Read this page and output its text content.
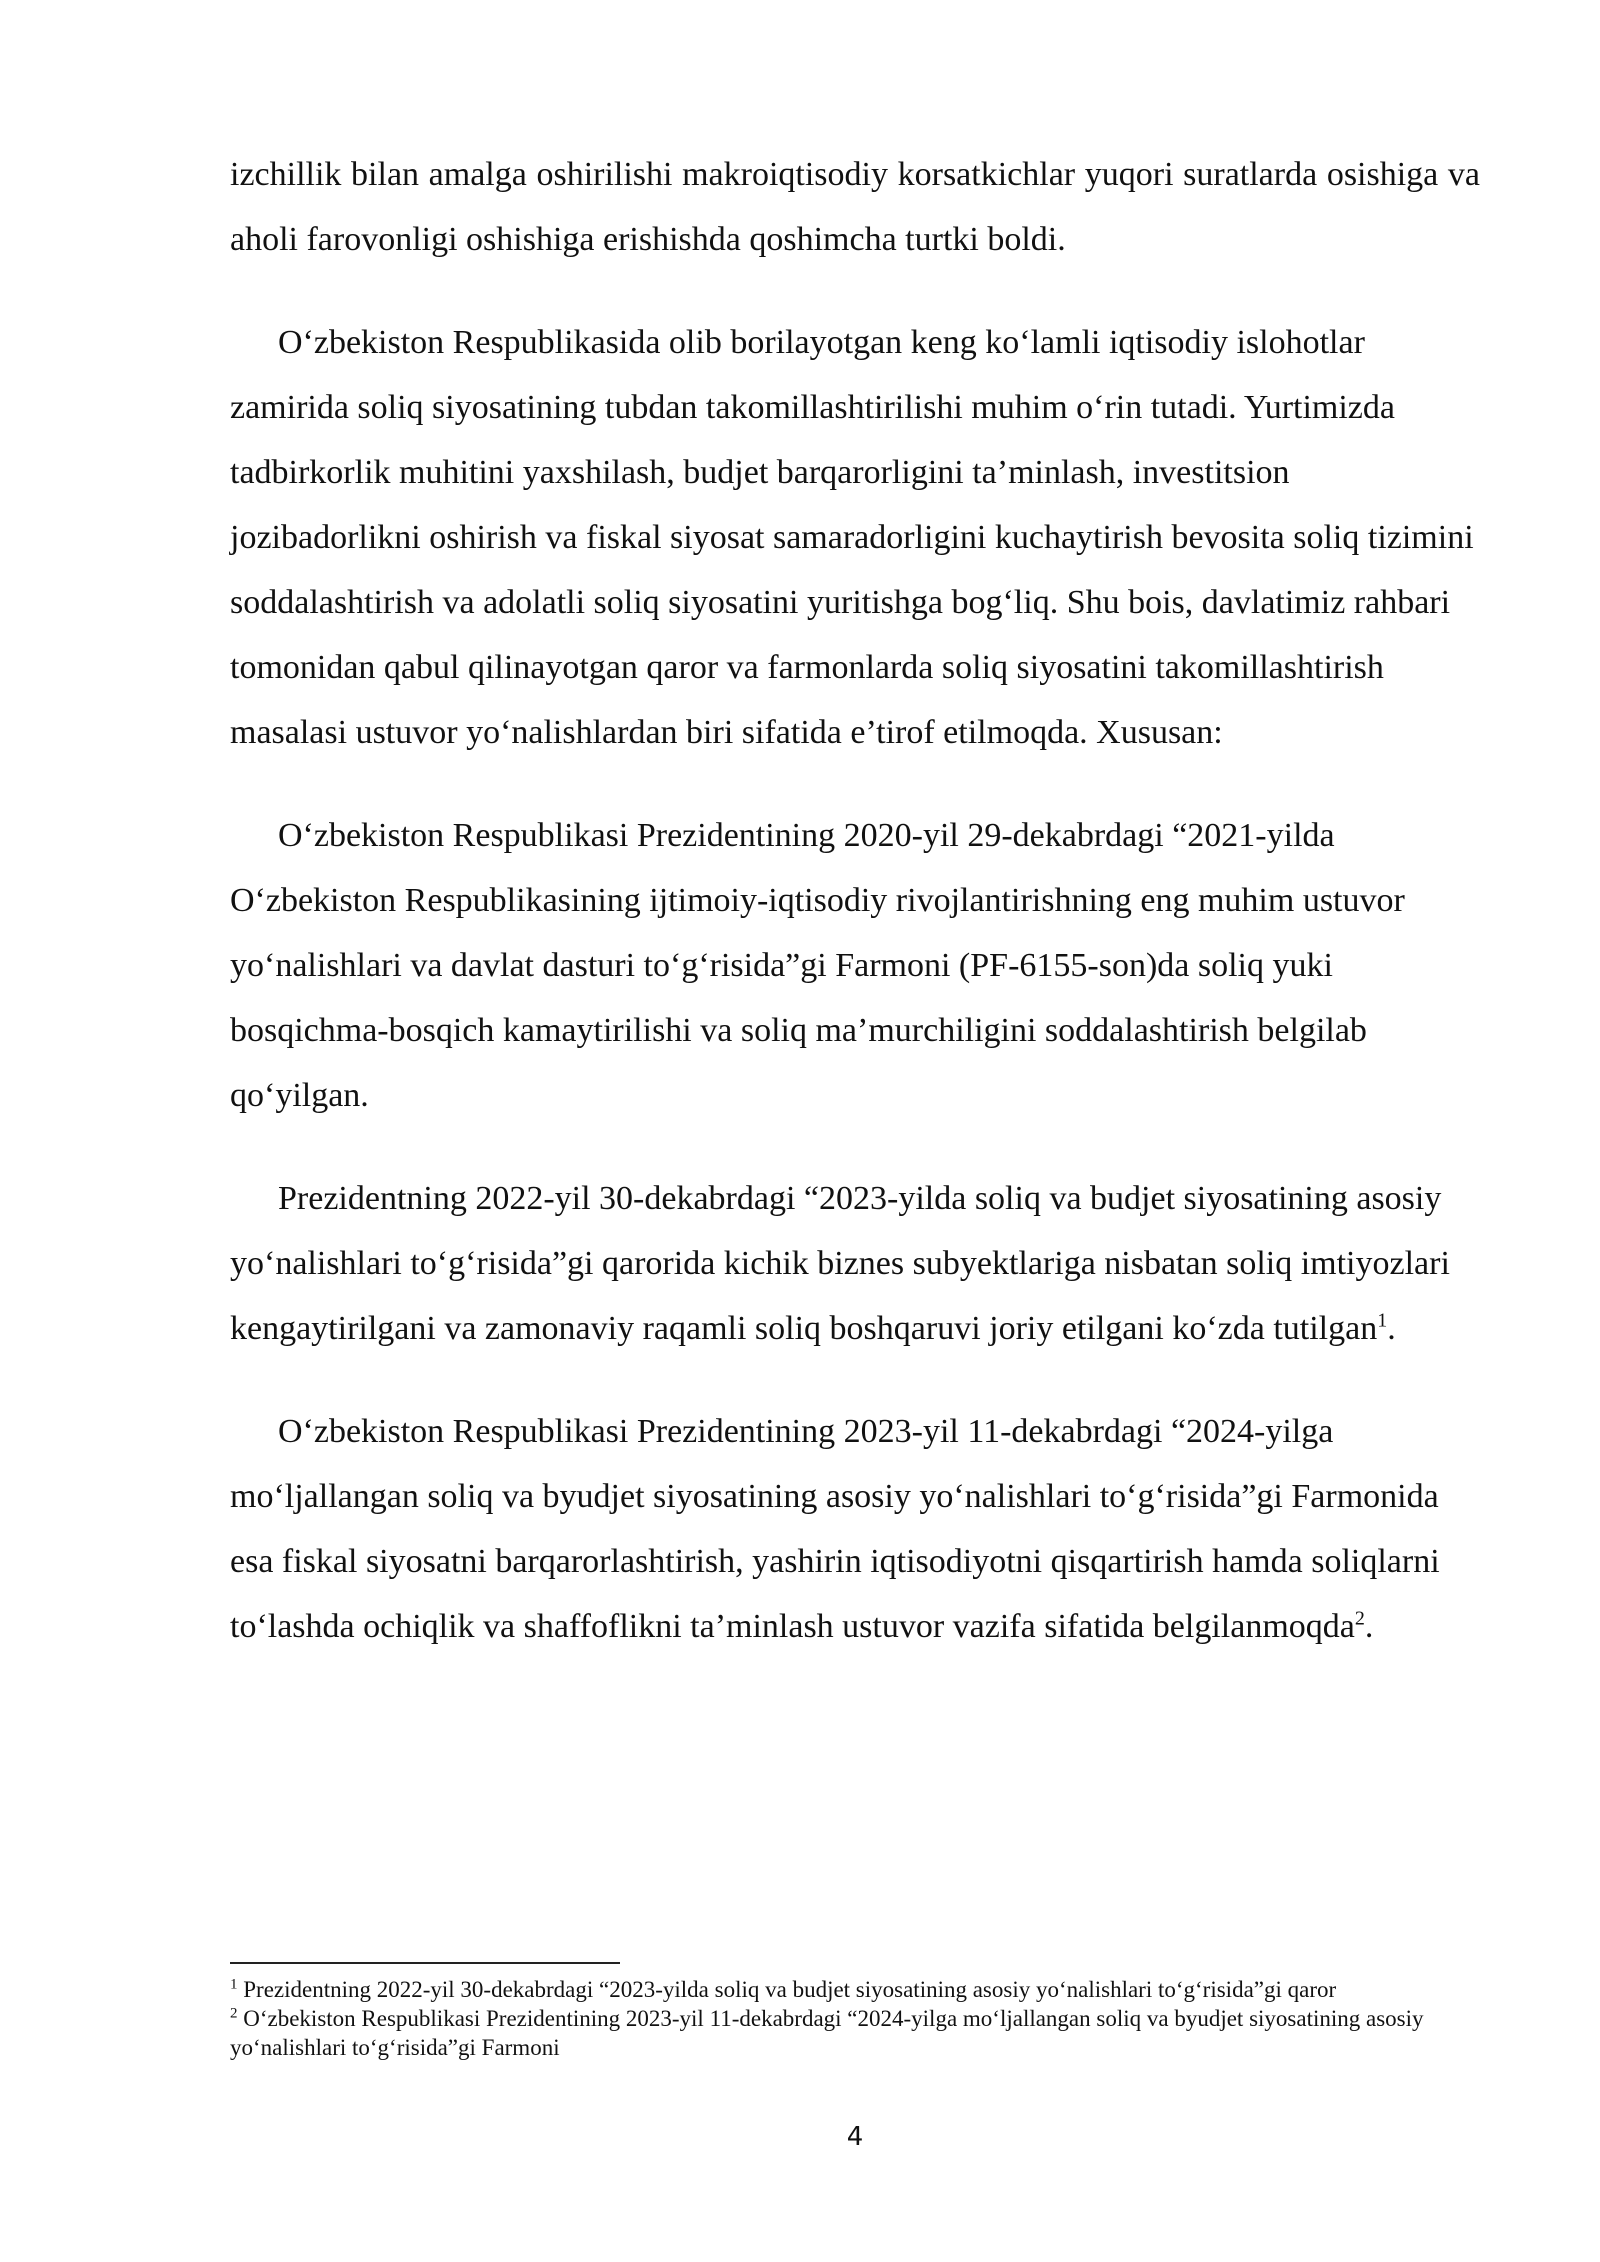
izchillik bilan amalga oshirilishi makroiqtisodiy korsatkichlar yuqori suratlarda osishiga va aholi farovonligi oshishiga erishishda qoshimcha turtki boldi.

O‘zbekiston Respublikasida olib borilayotgan keng ko‘lamli iqtisodiy islohotlar zamirida soliq siyosatining tubdan takomillashtirilishi muhim o‘rin tutadi. Yurtimizda tadbirkorlik muhitini yaxshilash, budjet barqarorligini ta’minlash, investitsion jozibadorlikni oshirish va fiskal siyosat samaradorligini kuchaytirish bevosita soliq tizimini soddalashtirish va adolatli soliq siyosatini yuritishga bog‘liq. Shu bois, davlatimiz rahbari tomonidan qabul qilinayotgan qaror va farmonlarda soliq siyosatini takomillashtirish masalasi ustuvor yo‘nalishlardan biri sifatida e’tirof etilmoqda. Xususan:

O‘zbekiston Respublikasi Prezidentining 2020-yil 29-dekabrdagi “2021-yilda O‘zbekiston Respublikasining ijtimoiy-iqtisodiy rivojlantirishning eng muhim ustuvor yo‘nalishlari va davlat dasturi to‘g‘risida”gi Farmoni (PF-6155-son)da soliq yuki bosqichma-bosqich kamaytirilishi va soliq ma’murchiligini soddalashtirish belgilab qo‘yilgan.

Prezidentning 2022-yil 30-dekabrdagi “2023-yilda soliq va budjet siyosatining asosiy yo‘nalishlari to‘g‘risida”gi qarorida kichik biznes subyektlariga nisbatan soliq imtiyozlari kengaytirilgani va zamonaviy raqamli soliq boshqaruvi joriy etilgani ko‘zda tutilgan$^1$.

O‘zbekiston Respublikasi Prezidentining 2023-yil 11-dekabrdagi “2024-yilga mo‘ljallangan soliq va byudjet siyosatining asosiy yo‘nalishlari to‘g‘risida”gi Farmonida esa fiskal siyosatni barqarorlashtirish, yashirin iqtisodiyotni qisqartirish hamda soliqlarni to‘lashda ochiqlik va shaffoflikni ta’minlash ustuvor vazifa sifatida belgilanmoqda$^2$.

$^1$ Prezidentning 2022-yil 30-dekabrdagi “2023-yilda soliq va budjet siyosatining asosiy yo‘nalishlari to‘g‘risida”gi qaror

$^2$ O‘zbekiston Respublikasi Prezidentining 2023-yil 11-dekabrdagi “2024-yilga mo‘ljallangan soliq va byudjet siyosatining asosiy yo‘nalishlari to‘g‘risida”gi Farmoni

4
